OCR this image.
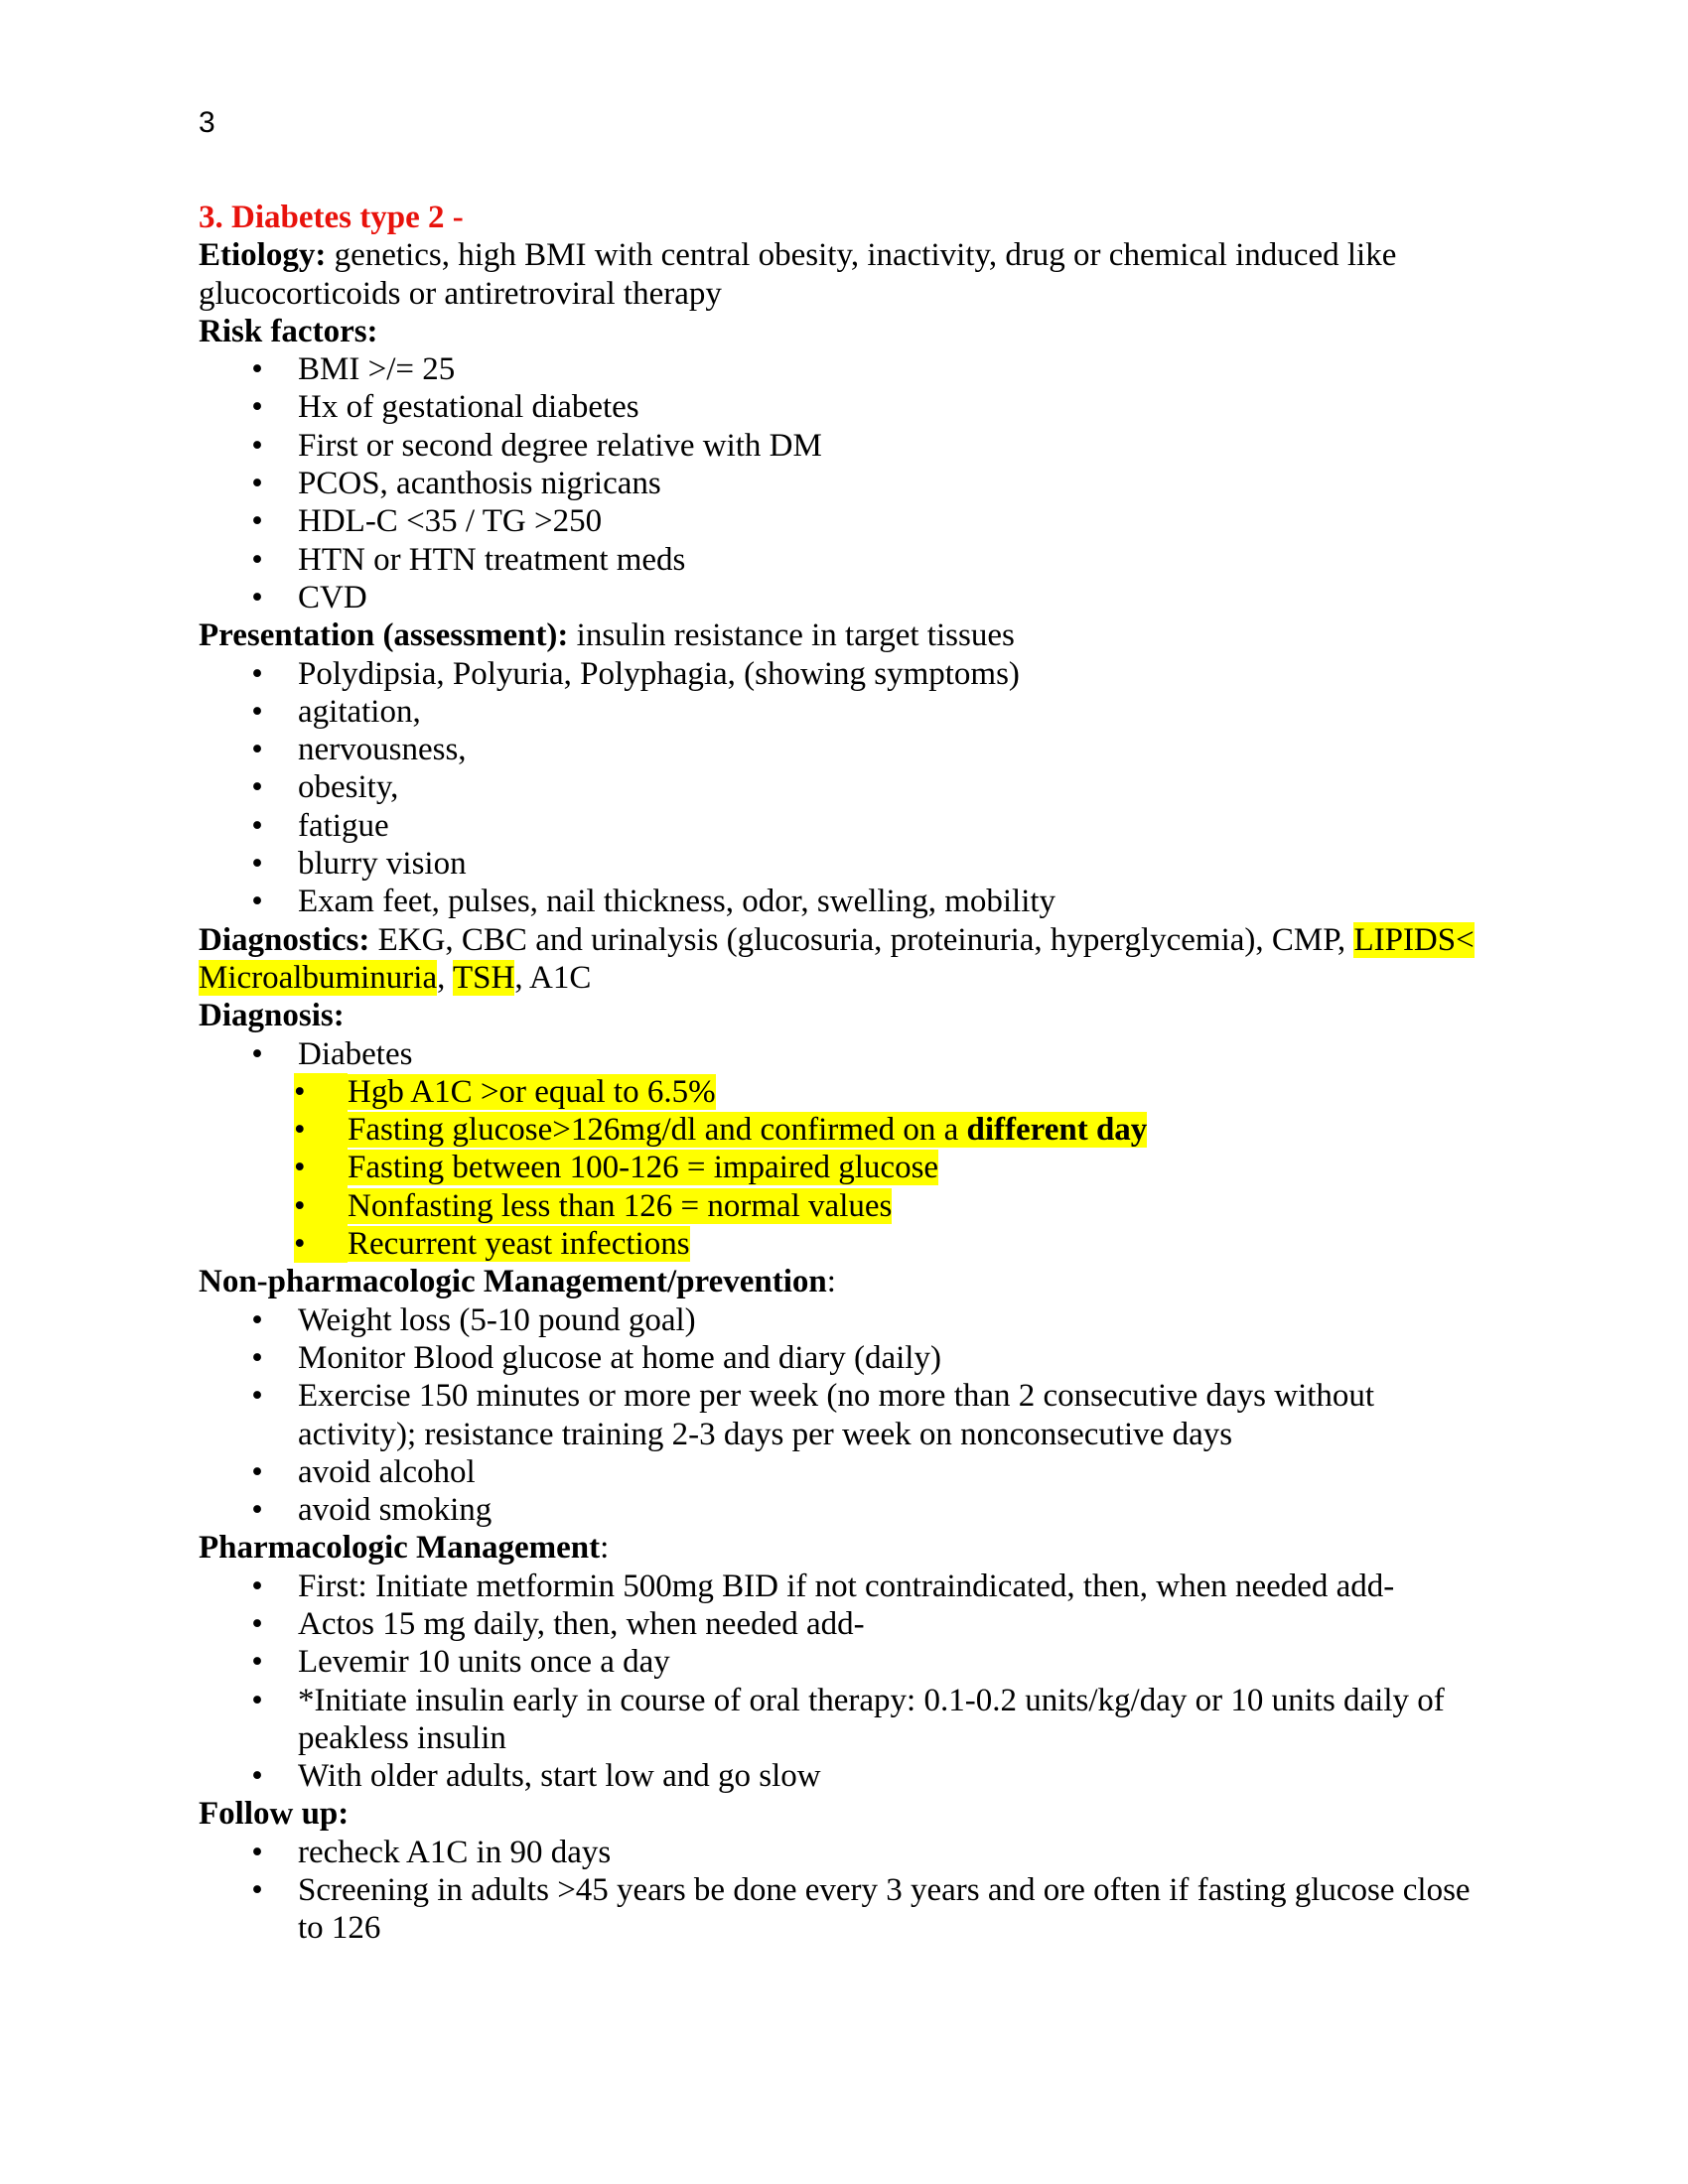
3
3. Diabetes type 2 -
Etiology: genetics, high BMI with central obesity, inactivity, drug or chemical induced like glucocorticoids or antiretroviral therapy
Risk factors:
• BMI >/= 25
• Hx of gestational diabetes
• First or second degree relative with DM
• PCOS, acanthosis nigricans
• HDL-C <35 / TG >250
• HTN or HTN treatment meds
• CVD
Presentation (assessment): insulin resistance in target tissues
• Polydipsia, Polyuria, Polyphagia, (showing symptoms)
• agitation,
• nervousness,
• obesity,
• fatigue
• blurry vision
• Exam feet, pulses, nail thickness, odor, swelling, mobility
Diagnostics: EKG, CBC and urinalysis (glucosuria, proteinuria, hyperglycemia), CMP, LIPIDS< Microalbuminuria, TSH, A1C
Diagnosis:
• Diabetes
•	Hgb A1C >or equal to 6.5%
•	Fasting glucose>126mg/dl and confirmed on a different day
•	Fasting between 100-126 = impaired glucose
•	Nonfasting less than 126 = normal values
•	Recurrent yeast infections
Non-pharmacologic Management/prevention:
• Weight loss (5-10 pound goal)
• Monitor Blood glucose at home and diary (daily)
• Exercise 150 minutes or more per week (no more than 2 consecutive days without activity); resistance training 2-3 days per week on nonconsecutive days
• avoid alcohol
• avoid smoking
Pharmacologic Management:
• First: Initiate metformin 500mg BID if not contraindicated, then, when needed add-
• Actos 15 mg daily, then, when needed add-
• Levemir 10 units once a day
• *Initiate insulin early in course of oral therapy: 0.1-0.2 units/kg/day or 10 units daily of peakless insulin
• With older adults, start low and go slow
Follow up:
• recheck A1C in 90 days
• Screening in adults >45 years be done every 3 years and ore often if fasting glucose close to 126
